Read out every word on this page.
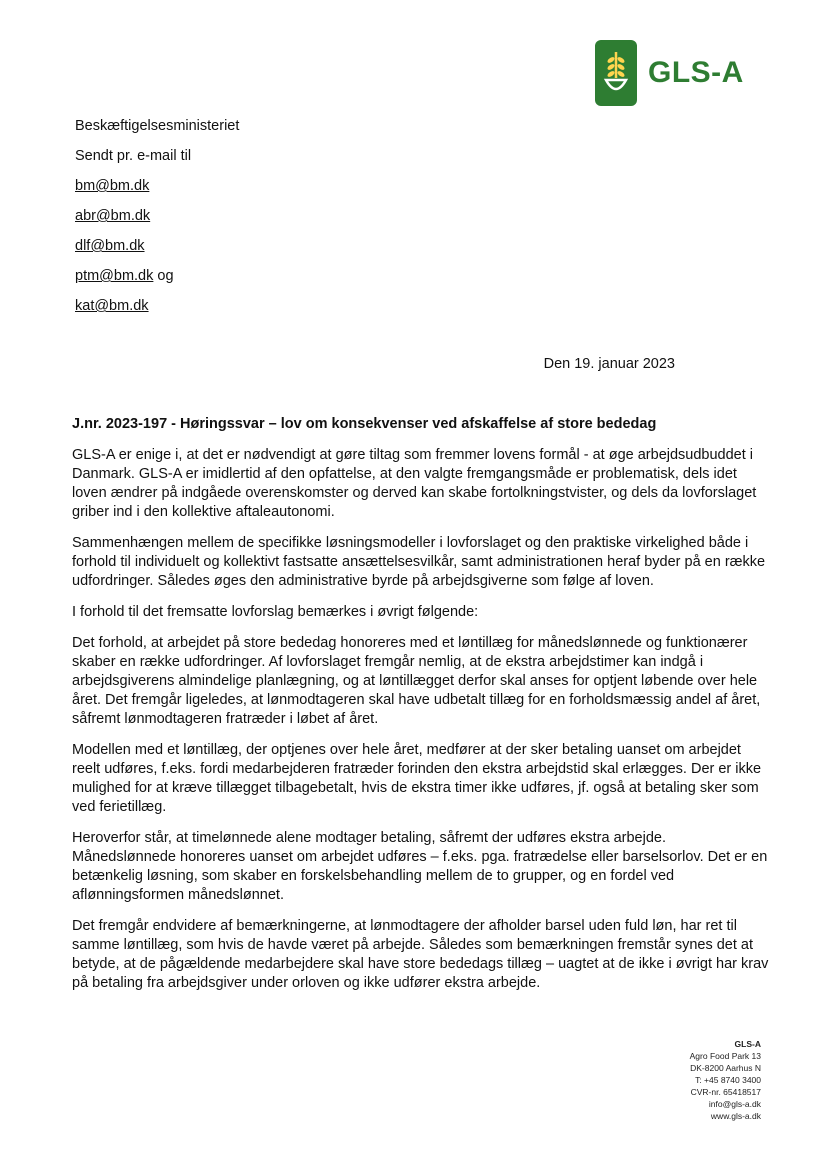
GLS-A
Beskæftigelsesministeriet
Sendt pr. e-mail til
bm@bm.dk
abr@bm.dk
dlf@bm.dk
ptm@bm.dk og
kat@bm.dk
Den 19. januar 2023
J.nr. 2023-197 - Høringssvar – lov om konsekvenser ved afskaffelse af store bededag

GLS-A er enige i, at det er nødvendigt at gøre tiltag som fremmer lovens formål - at øge arbejdsudbuddet i Danmark. GLS-A er imidlertid af den opfattelse, at den valgte fremgangsmåde er problematisk, dels idet loven ændrer på indgåede overenskomster og derved kan skabe fortolkningstvister, og dels da lovforslaget griber ind i den kollektive aftaleautonomi.

Sammenhængen mellem de specifikke løsningsmodeller i lovforslaget og den praktiske virkelighed både i forhold til individuelt og kollektivt fastsatte ansættelsesvilkår, samt administrationen heraf byder på en række udfordringer. Således øges den administrative byrde på arbejdsgiverne som følge af loven.

I forhold til det fremsatte lovforslag bemærkes i øvrigt følgende:

Det forhold, at arbejdet på store bededag honoreres med et løntillæg for månedslønnede og funktionærer skaber en række udfordringer. Af lovforslaget fremgår nemlig, at de ekstra arbejdstimer kan indgå i arbejdsgiverens almindelige planlægning, og at løntillægget derfor skal anses for optjent løbende over hele året. Det fremgår ligeledes, at lønmodtageren skal have udbetalt tillæg for en forholdsmæssig andel af året, såfremt lønmodtageren fratræder i løbet af året.

Modellen med et løntillæg, der optjenes over hele året, medfører at der sker betaling uanset om arbejdet reelt udføres, f.eks. fordi medarbejderen fratræder forinden den ekstra arbejdstid skal erlægges. Der er ikke mulighed for at kræve tillægget tilbagebetalt, hvis de ekstra timer ikke udføres, jf. også at betaling sker som ved ferietillæg.

Heroverfor står, at timelønnede alene modtager betaling, såfremt der udføres ekstra arbejde. Månedslønnede honoreres uanset om arbejdet udføres – f.eks. pga. fratrædelse eller barselsorlov. Det er en betænkelig løsning, som skaber en forskelsbehandling mellem de to grupper, og en fordel ved aflønningsformen månedslønnet.

Det fremgår endvidere af bemærkningerne, at lønmodtagere der afholder barsel uden fuld løn, har ret til samme løntillæg, som hvis de havde været på arbejde. Således som bemærkningen fremstår synes det at betyde, at de pågældende medarbejdere skal have store bededags tillæg – uagtet at de ikke i øvrigt har krav på betaling fra arbejdsgiver under orloven og ikke udfører ekstra arbejde.

GLS-A
Agro Food Park 13
DK-8200 Aarhus N
T: +45 8740 3400
CVR-nr. 65418517
info@gls-a.dk
www.gls-a.dk
